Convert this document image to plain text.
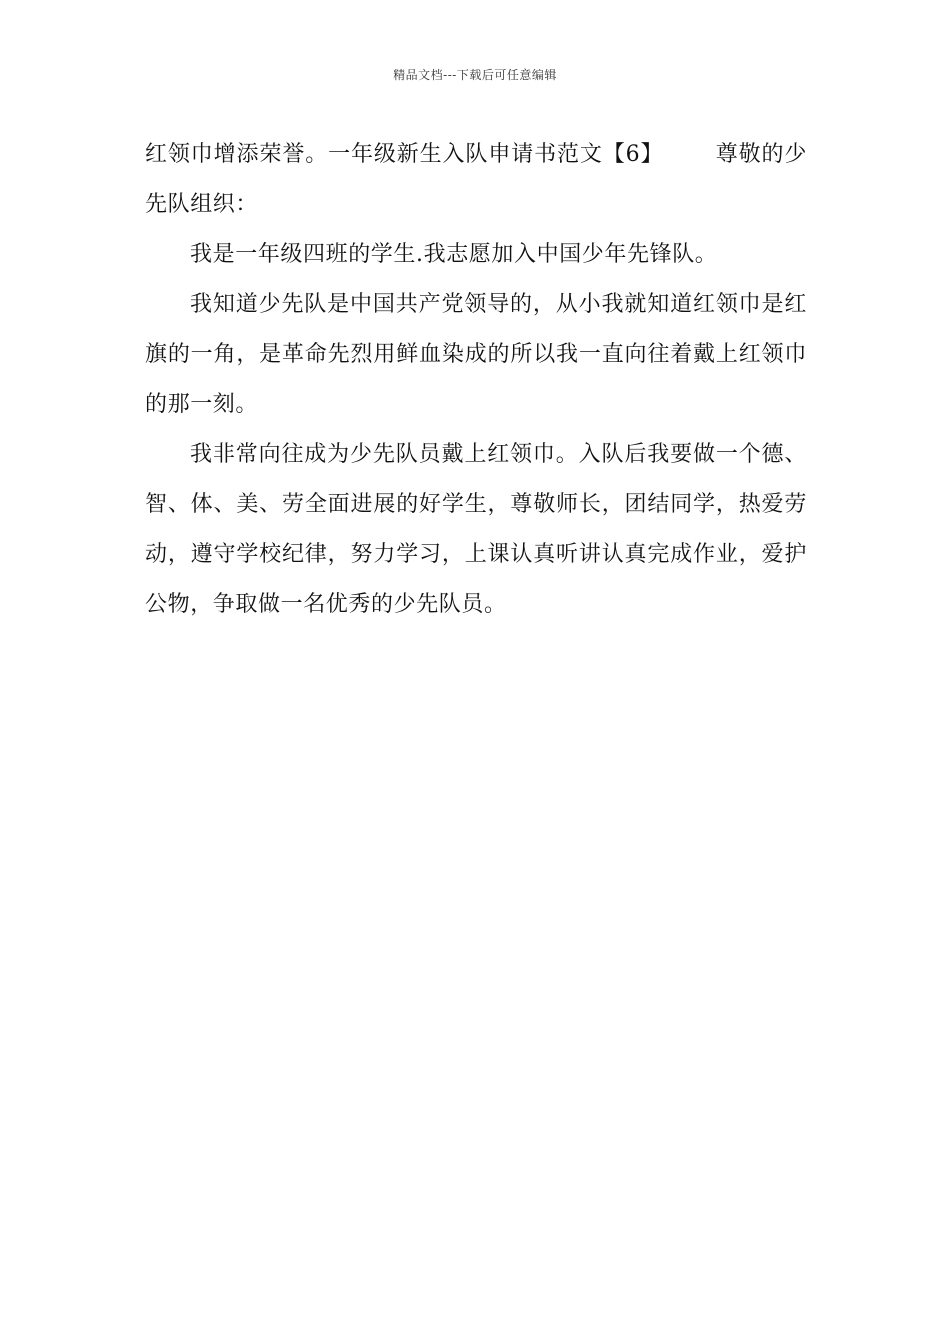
精品文档---下载后可任意编辑

红领巾增添荣誉。一年级新生入队申请书范文【6】 尊敬的少先队组织：

我是一年级四班的学生.我志愿加入中国少年先锋队。

我知道少先队是中国共产党领导的，从小我就知道红领巾是红旗的一角，是革命先烈用鲜血染成的所以我一直向往着戴上红领巾的那一刻。

我非常向往成为少先队员戴上红领巾。入队后我要做一个德、智、体、美、劳全面进展的好学生，尊敬师长，团结同学，热爱劳动，遵守学校纪律，努力学习，上课认真听讲认真完成作业，爱护公物，争取做一名优秀的少先队员。
